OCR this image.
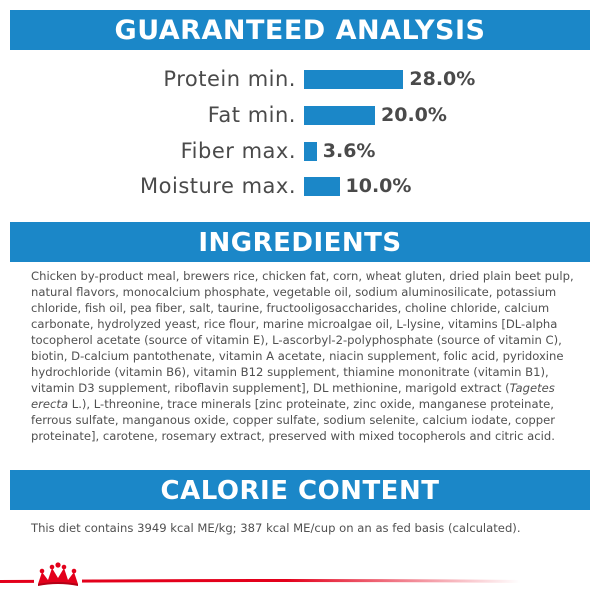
GUARANTEED ANALYSIS
Protein min.	28.0%
Fat min.	20.0%
Fiber max. 3.6%
Moisture max.	10.0%
INGREDIENTS
Chicken by-product meal, brewers rice, chicken fat, corn, wheat gluten, dried plain beet pulp, natural flavors, monocalcium phosphate, vegetable oil, sodium aluminosilicate, potassium chloride, fish oil, pea fiber, salt, taurine, fructooligosaccharides, choline chloride, calcium carbonate, hydrolyzed yeast, rice flour, marine microalgae oil, L-lysine, vitamins [DL-alpha tocopherol acetate (source of vitamin E), L-ascorbyl-2-polyphosphate (source of vitamin C), biotin, D-calcium pantothenate, vitamin A acetate, niacin supplement, folic acid, pyridoxine hydrochloride (vitamin B6), vitamin B12 supplement, thiamine mononitrate (vitamin B1), vitamin D3 supplement, riboflavin supplement], DL methionine, marigold extract (Tagetes erecta L.), L-threonine, trace minerals [zinc proteinate, zinc oxide, manganese proteinate, ferrous sulfate, manganous oxide, copper sulfate, sodium selenite, calcium iodate, copper proteinate], carotene, rosemary extract, preserved with mixed tocopherols and citric acid.
CALORIE CONTENT
This diet contains 3949 kcal ME/kg; 387 kcal ME/cup on an as fed basis (calculated).
